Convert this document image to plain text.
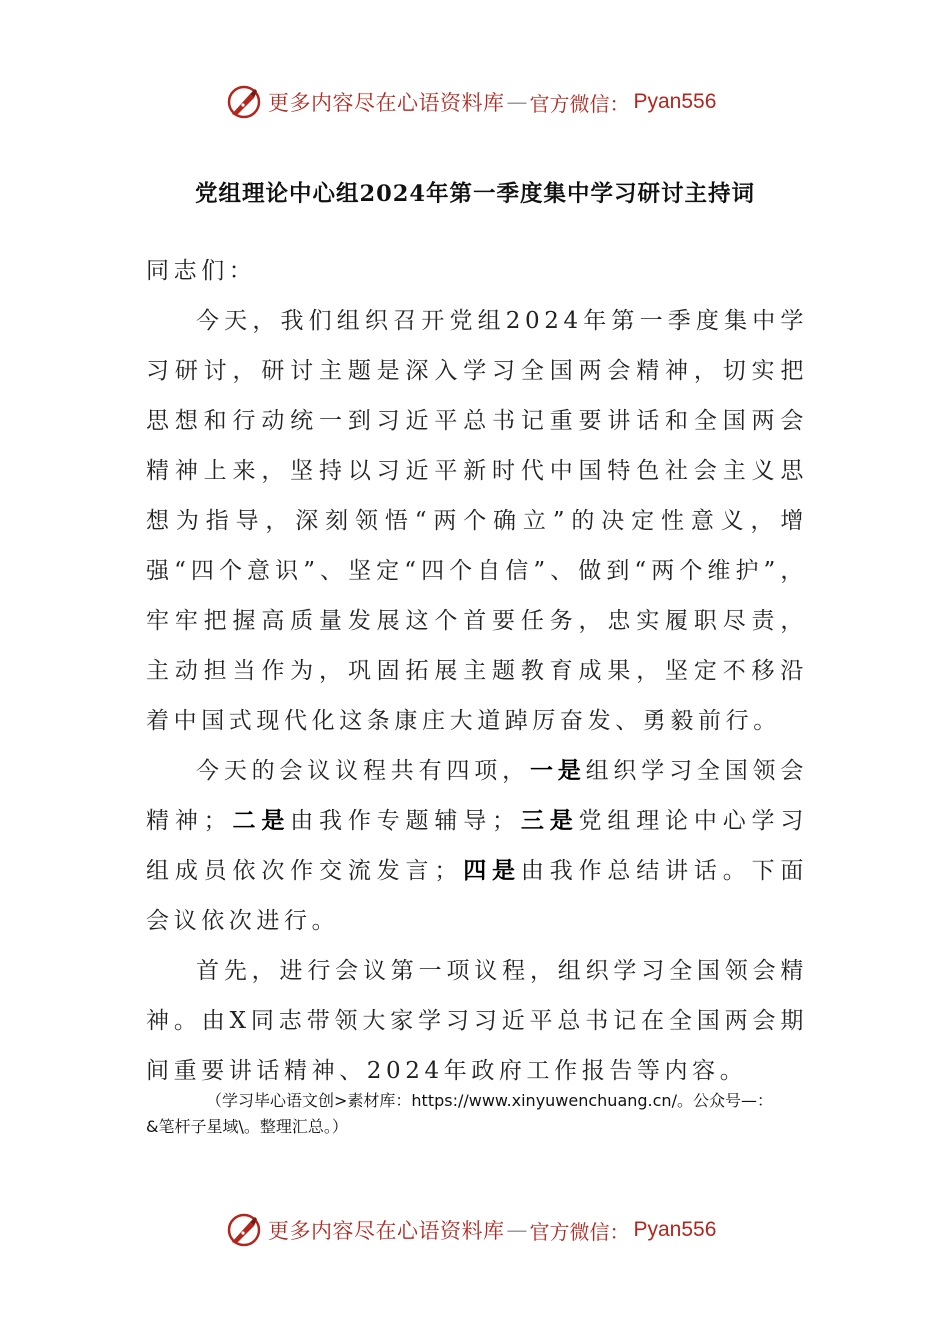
更多内容尽在心语资料库 — 官方微信： Pyan556
党组理论中心组2024年第一季度集中学习研讨主持词

同志们：

今天，我们组织召开党组2024年第一季度集中学习研讨，研讨主题是深入学习全国两会精神，切实把思想和行动统一到习近平总书记重要讲话和全国两会精神上来，坚持以习近平新时代中国特色社会主义思想为指导，深刻领悟“两个确立”的决定性意义，增强“四个意识”、坚定“四个自信”、做到“两个维护”，牢牢把握高质量发展这个首要任务，忠实履职尽责，主动担当作为，巩固拓展主题教育成果，坚定不移沿着中国式现代化这条康庄大道踔厉奋发、勇毅前行。

今天的会议议程共有四项，一是组织学习全国领会精神；二是由我作专题辅导；三是党组理论中心学习组成员依次作交流发言；四是由我作总结讲话。下面会议依次进行。

首先，进行会议第一项议程，组织学习全国领会精神。由X同志带领大家学习习近平总书记在全国两会期间重要讲话精神、2024年政府工作报告等内容。

（学习毕心语文创>素材库：https://www.xinyuwenchuang.cn/。公众号—：
&笔杆子星域\。整理汇总。）
更多内容尽在心语资料库 — 官方微信： Pyan556
